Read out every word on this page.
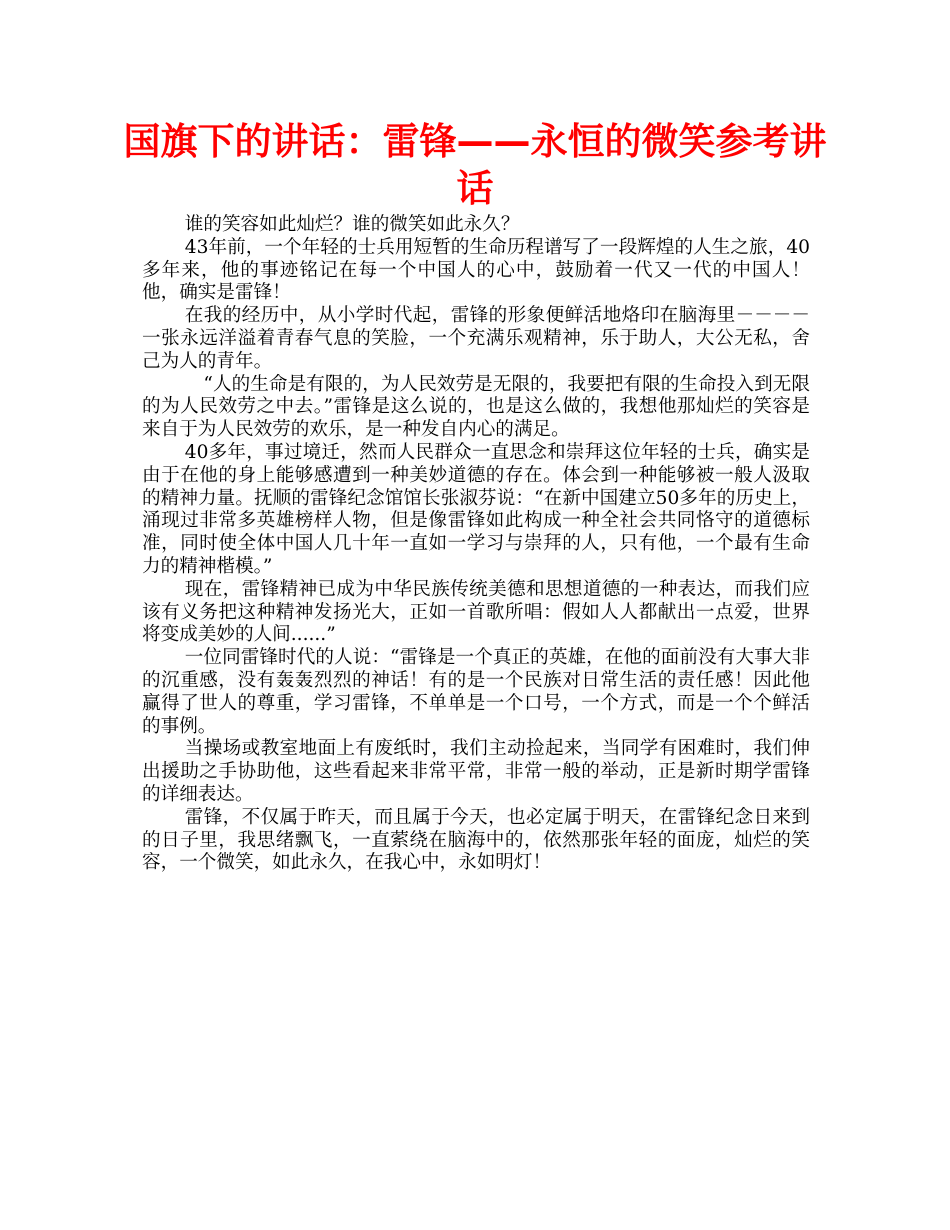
国旗下的讲话：雷锋——永恒的微笑参考讲话

谁的笑容如此灿烂？谁的微笑如此永久？

43年前，一个年轻的士兵用短暂的生命历程谱写了一段辉煌的人生之旅，40多年来，他的事迹铭记在每一个中国人的心中，鼓励着一代又一代的中国人！他，确实是雷锋！

在我的经历中，从小学时代起，雷锋的形象便鲜活地烙印在脑海里－－－－一张永远洋溢着青春气息的笑脸，一个充满乐观精神，乐于助人，大公无私，舍己为人的青年。

“人的生命是有限的，为人民效劳是无限的，我要把有限的生命投入到无限的为人民效劳之中去。”雷锋是这么说的，也是这么做的，我想他那灿烂的笑容是来自于为人民效劳的欢乐，是一种发自内心的满足。

40多年，事过境迁，然而人民群众一直思念和崇拜这位年轻的士兵，确实是由于在他的身上能够感遭到一种美妙道德的存在。体会到一种能够被一般人汲取的精神力量。抚顺的雷锋纪念馆馆长张淑芬说：“在新中国建立50多年的历史上，涌现过非常多英雄榜样人物，但是像雷锋如此构成一种全社会共同恪守的道德标准，同时使全体中国人几十年一直如一学习与崇拜的人，只有他，一个最有生命力的精神楷模。”

现在，雷锋精神已成为中华民族传统美德和思想道德的一种表达，而我们应该有义务把这种精神发扬光大，正如一首歌所唱：假如人人都献出一点爱，世界将变成美妙的人间......”

一位同雷锋时代的人说：“雷锋是一个真正的英雄，在他的面前没有大事大非的沉重感，没有轰轰烈烈的神话！有的是一个民族对日常生活的责任感！因此他赢得了世人的尊重，学习雷锋，不单单是一个口号，一个方式，而是一个个鲜活的事例。

当操场或教室地面上有废纸时，我们主动捡起来，当同学有困难时，我们伸出援助之手协助他，这些看起来非常平常，非常一般的举动，正是新时期学雷锋的详细表达。

雷锋，不仅属于昨天，而且属于今天，也必定属于明天，在雷锋纪念日来到的日子里，我思绪飘飞，一直萦绕在脑海中的，依然那张年轻的面庞，灿烂的笑容，一个微笑，如此永久，在我心中，永如明灯！
